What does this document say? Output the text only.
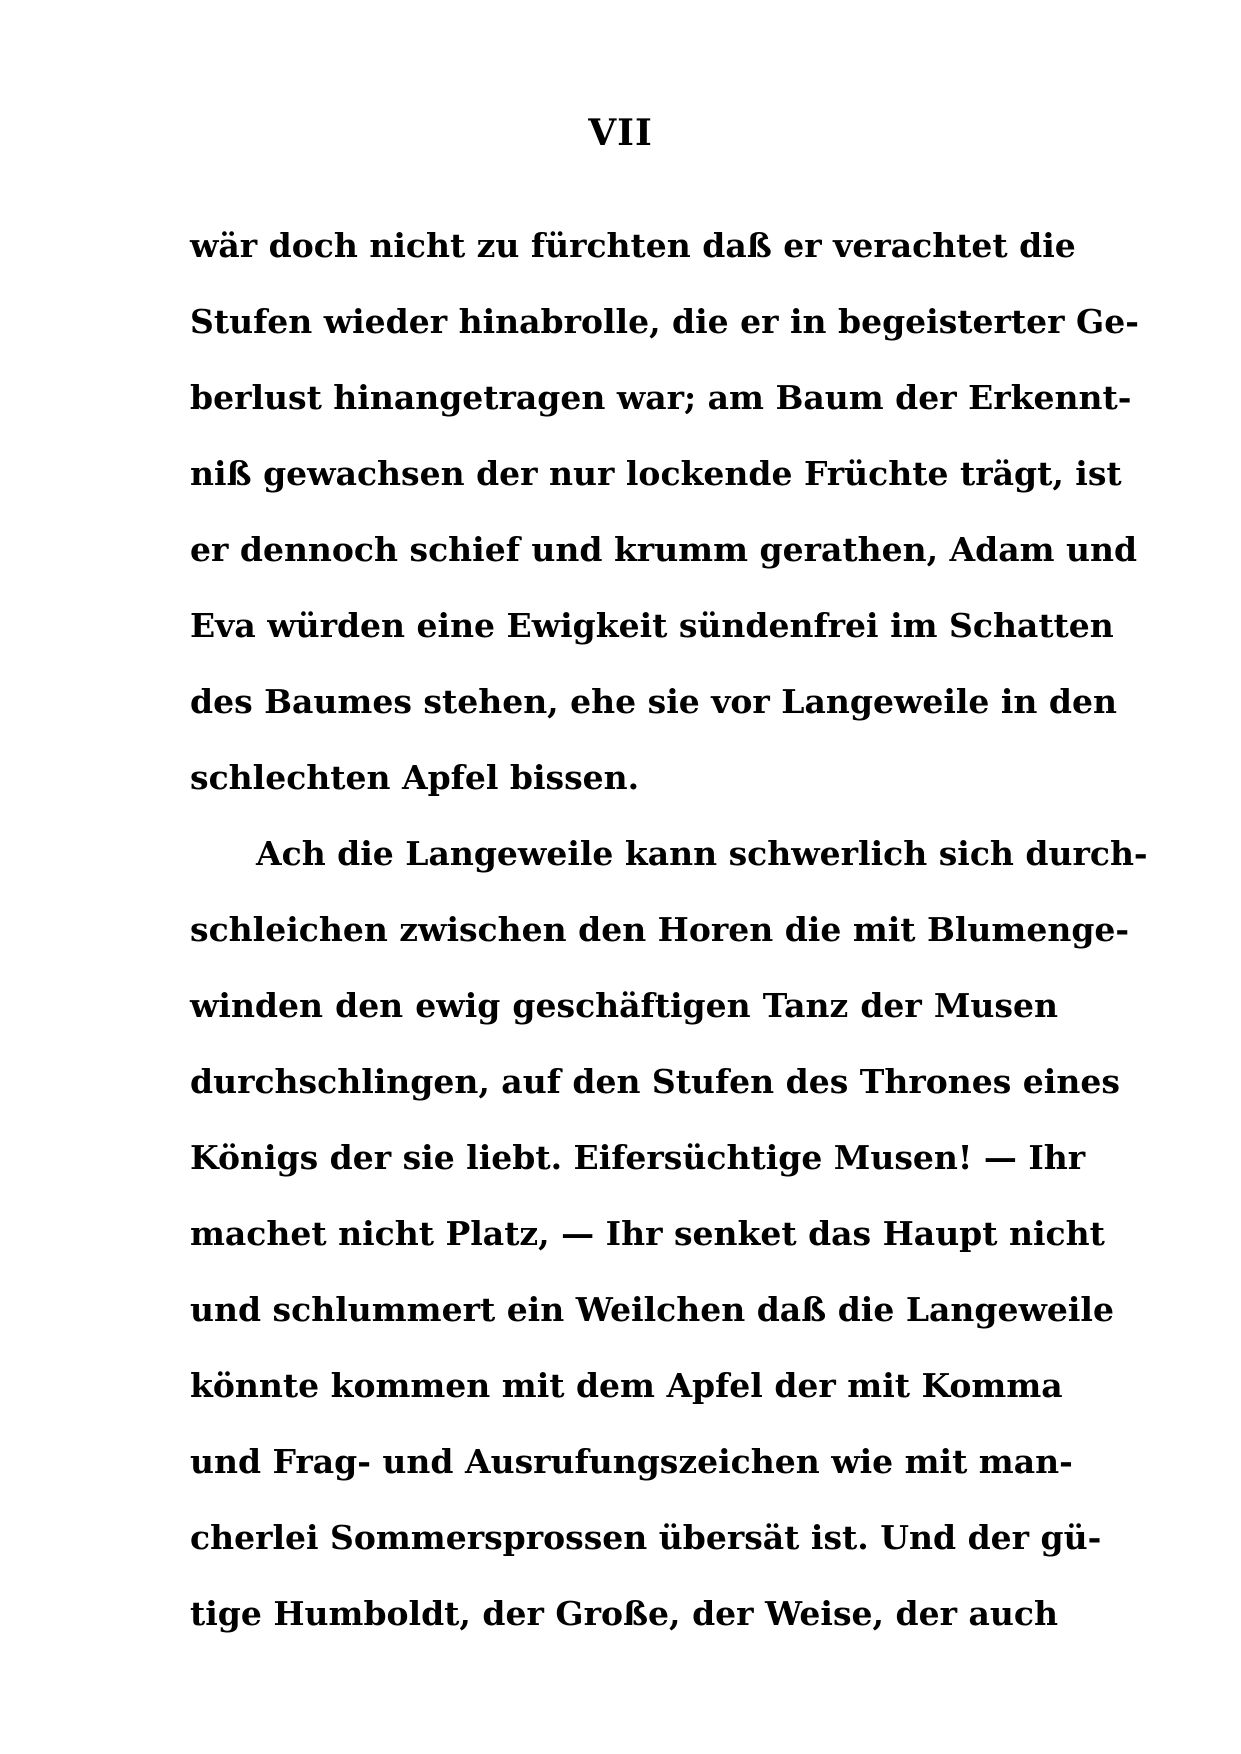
VII
wär doch nicht zu fürchten daß er verachtet die
Stufen wieder hinabrolle, die er in begeisterter Ge-
berlust hinangetragen war; am Baum der Erkennt-
niß gewachsen der nur lockende Früchte trägt, ist
er dennoch schief und krumm gerathen, Adam und
Eva würden eine Ewigkeit sündenfrei im Schatten
des Baumes stehen, ehe sie vor Langeweile in den
schlechten Apfel bissen.
Ach die Langeweile kann schwerlich sich durch-
schleichen zwischen den Horen die mit Blumenge-
winden den ewig geschäftigen Tanz der Musen
durchschlingen, auf den Stufen des Thrones eines
Königs der sie liebt. Eifersüchtige Musen! — Ihr
machet nicht Platz, — Ihr senket das Haupt nicht
und schlummert ein Weilchen daß die Langeweile
könnte kommen mit dem Apfel der mit Komma
und Frag- und Ausrufungszeichen wie mit man-
cherlei Sommersprossen übersät ist. Und der gü-
tige Humboldt, der Große, der Weise, der auch
